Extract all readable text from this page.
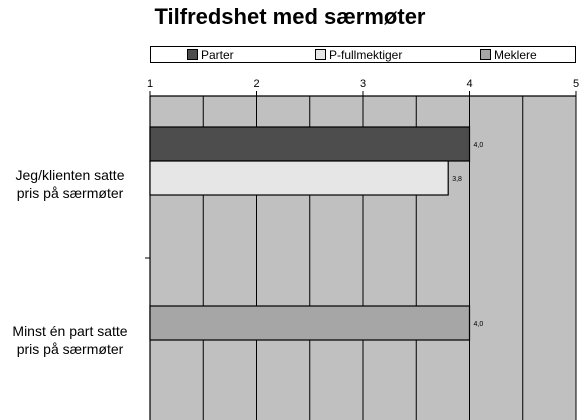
Tilfredshet med særmøter
Parter	P-fullmektiger	Meklere
1	2	3	4	5
4,0
3,8
4,0
Jeg/klienten satte
pris på særmøter
Minst én part satte
pris på særmøter
